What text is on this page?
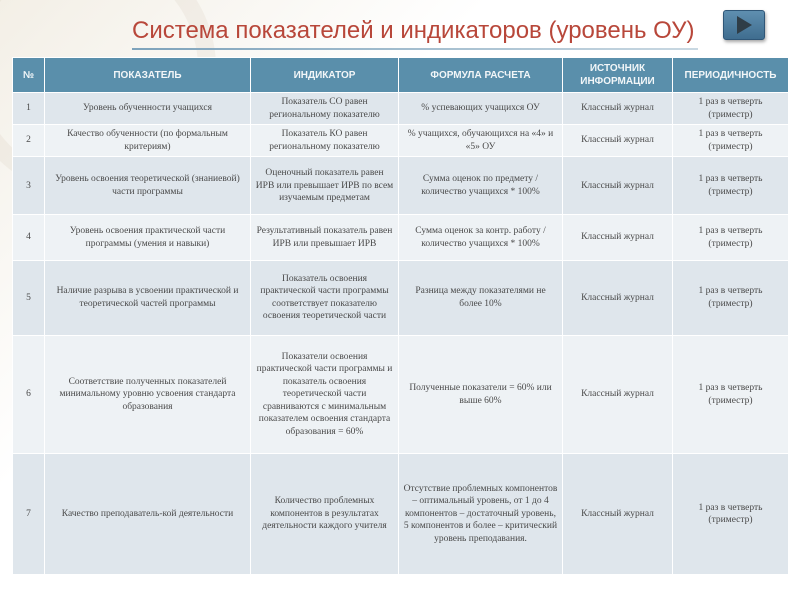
Система показателей и индикаторов (уровень ОУ)
№	ПОКАЗАТЕЛЬ	ИНДИКАТОР	ФОРМУЛА РАСЧЕТА	ИСТОЧНИК ИНФОРМАЦИИ	ПЕРИОДИЧНОСТЬ
1	Уровень обученности учащихся	Показатель СО равен региональному показателю	% успевающих учащихся ОУ	Классный журнал	1 раз в четверть (триместр)
2	Качество обученности (по формальным критериям)	Показатель КО равен региональному показателю	% учащихся, обучающихся на «4» и «5» ОУ	Классный журнал	1 раз в четверть (триместр)
3	Уровень освоения теоретической (знаниевой) части программы	Оценочный показатель равен ИРВ или превышает ИРВ по всем изучаемым предметам	Сумма оценок по предмету / количество учащихся * 100%	Классный журнал	1 раз в четверть (триместр)
4	Уровень освоения практической части программы (умения и навыки)	Результативный показатель равен ИРВ или превышает ИРВ	Сумма оценок за контр. работу / количество учащихся * 100%	Классный журнал	1 раз в четверть (триместр)
5	Наличие разрыва в усвоении практической и теоретической частей программы	Показатель освоения практической части программы соответствует показателю освоения теоретической части	Разница между показателями не более 10%	Классный журнал	1 раз в четверть (триместр)
6	Соответствие полученных показателей минимальному уровню усвоения стандарта образования	Показатели освоения практической части программы и показатель освоения теоретической части сравниваются с минимальным показателем освоения стандарта образования = 60%	Полученные показатели = 60% или выше 60%	Классный журнал	1 раз в четверть (триместр)
7	Качество преподаватель-кой деятельности	Количество проблемных компонентов в результатах деятельности каждого учителя	Отсутствие проблемных компонентов – оптимальный уровень, от 1 до 4 компонентов – достаточный уровень, 5 компонентов и более – критический уровень преподавания.	Классный журнал	1 раз в четверть (триместр)
